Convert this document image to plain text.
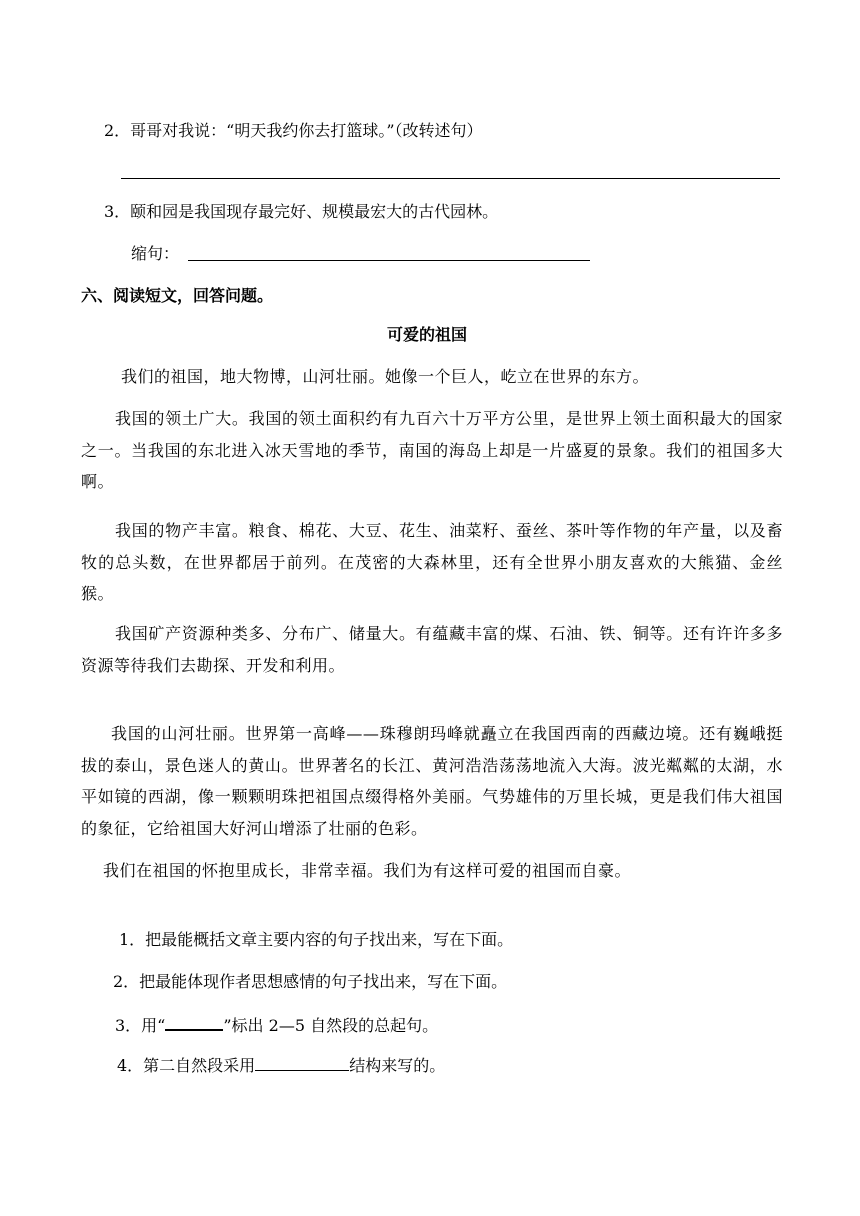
2．哥哥对我说：“明天我约你去打篮球。”（改转述句）
3．颐和园是我国现存最完好、规模最宏大的古代园林。
缩句：
六、阅读短文，回答问题。
可爱的祖国
我们的祖国，地大物博，山河壮丽。她像一个巨人，屹立在世界的东方。
我国的领土广大。我国的领土面积约有九百六十万平方公里，是世界上领土面积最大的国家之一。当我国的东北进入冰天雪地的季节，南国的海岛上却是一片盛夏的景象。我们的祖国多大啊。
我国的物产丰富。粮食、棉花、大豆、花生、油菜籽、蚕丝、茶叶等作物的年产量，以及畜牧的总头数，在世界都居于前列。在茂密的大森林里，还有全世界小朋友喜欢的大熊猫、金丝猴。
我国矿产资源种类多、分布广、储量大。有蕴藏丰富的煤、石油、铁、铜等。还有许许多多资源等待我们去勘探、开发和利用。
我国的山河壮丽。世界第一高峰——珠穆朗玛峰就矗立在我国西南的西藏边境。还有巍峨挺拔的泰山，景色迷人的黄山。世界著名的长江、黄河浩浩荡荡地流入大海。波光粼粼的太湖，水平如镜的西湖，像一颗颗明珠把祖国点缀得格外美丽。气势雄伟的万里长城，更是我们伟大祖国的象征，它给祖国大好河山增添了壮丽的色彩。
我们在祖国的怀抱里成长，非常幸福。我们为有这样可爱的祖国而自豪。
1．把最能概括文章主要内容的句子找出来，写在下面。
2．把最能体现作者思想感情的句子找出来，写在下面。
3．用“	”标出 2—5 自然段的总起句。
4．第二自然段采用	结构来写的。
